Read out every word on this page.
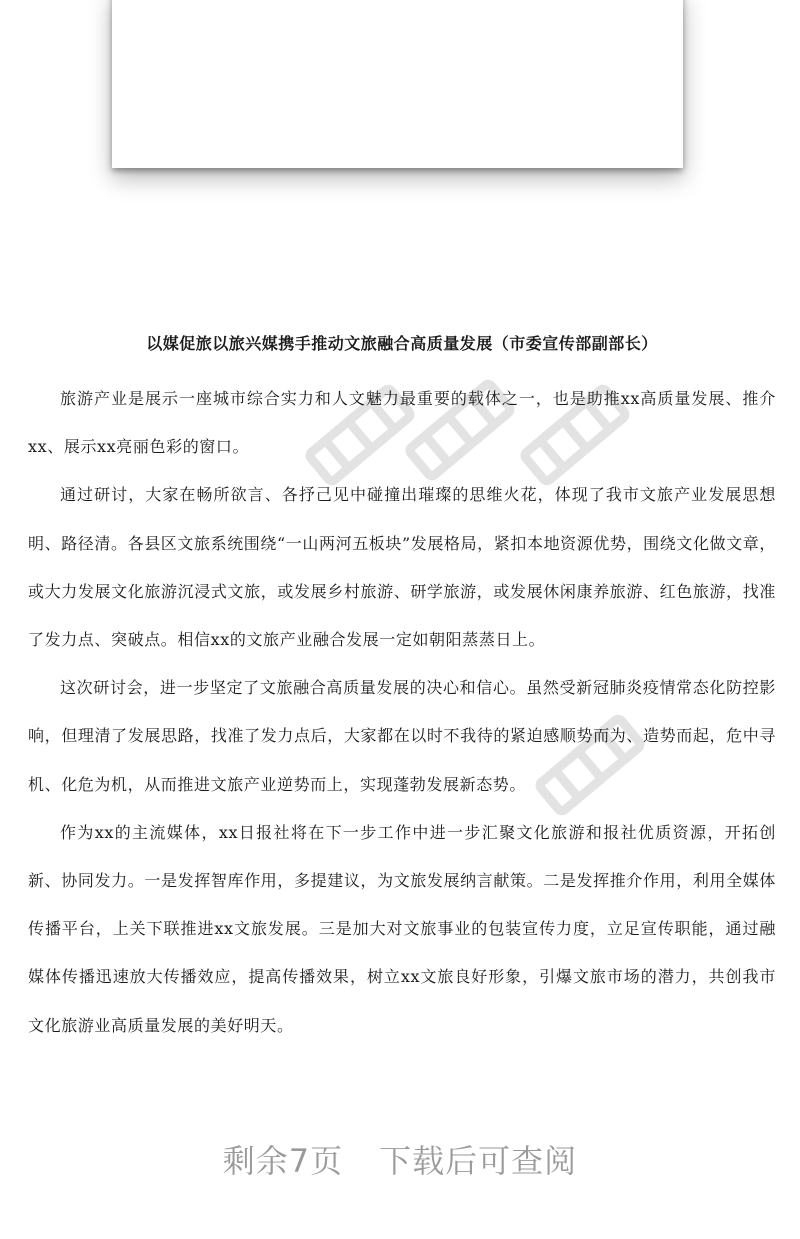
以媒促旅以旅兴媒携手推动文旅融合高质量发展（市委宣传部副部长）

旅游产业是展示一座城市综合实力和人文魅力最重要的载体之一，也是助推xx高质量发展、推介xx、展示xx亮丽色彩的窗口。

通过研讨，大家在畅所欲言、各抒己见中碰撞出璀璨的思维火花，体现了我市文旅产业发展思想明、路径清。各县区文旅系统围绕“一山两河五板块”发展格局，紧扣本地资源优势，围绕文化做文章，或大力发展文化旅游沉浸式文旅，或发展乡村旅游、研学旅游，或发展休闲康养旅游、红色旅游，找准了发力点、突破点。相信xx的文旅产业融合发展一定如朝阳蒸蒸日上。

这次研讨会，进一步坚定了文旅融合高质量发展的决心和信心。虽然受新冠肺炎疫情常态化防控影响，但理清了发展思路，找准了发力点后，大家都在以时不我待的紧迫感顺势而为、造势而起，危中寻机、化危为机，从而推进文旅产业逆势而上，实现蓬勃发展新态势。

作为xx的主流媒体，xx日报社将在下一步工作中进一步汇聚文化旅游和报社优质资源，开拓创新、协同发力。一是发挥智库作用，多提建议，为文旅发展纳言献策。二是发挥推介作用，利用全媒体传播平台，上关下联推进xx文旅发展。三是加大对文旅事业的包装宣传力度，立足宣传职能，通过融媒体传播迅速放大传播效应，提高传播效果，树立xx文旅良好形象，引爆文旅市场的潜力，共创我市文化旅游业高质量发展的美好明天。

剩余7页 下载后可查阅
